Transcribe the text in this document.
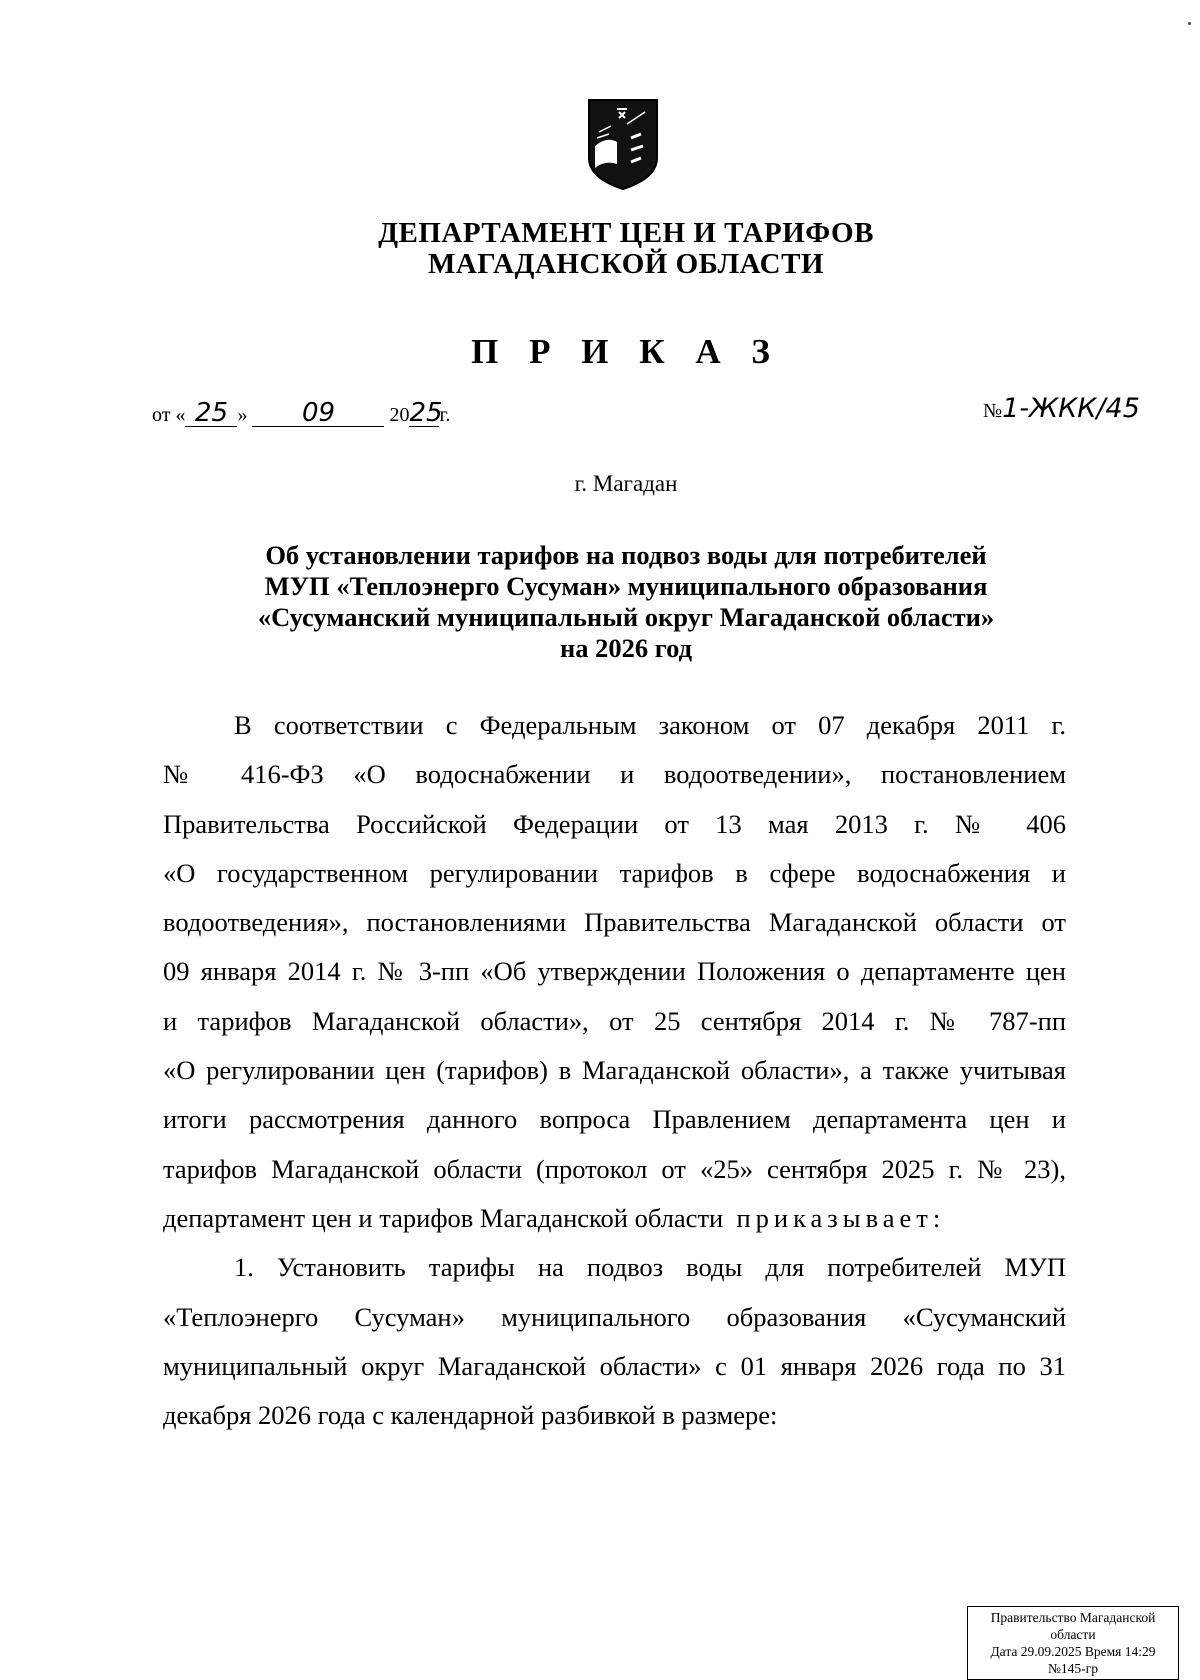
ДЕПАРТАМЕНТ ЦЕН И ТАРИФОВ
МАГАДАНСКОЙ ОБЛАСТИ
П Р И К А З
от « 25 » 09	2025г.	№1-ЖКК/45
г. Магадан
Об установлении тарифов на подвоз воды для потребителей
МУП «Теплоэнерго Сусуман» муниципального образования
«Сусуманский муниципальный округ Магаданской области»
на 2026 год
В соответствии с Федеральным законом от 07 декабря 2011 г.
№ 416-ФЗ «О водоснабжении и водоотведении», постановлением
Правительства Российской Федерации от 13 мая 2013 г. № 406
«О государственном регулировании тарифов в сфере водоснабжения и
водоотведения», постановлениями Правительства Магаданской области от
09 января 2014 г. № 3-пп «Об утверждении Положения о департаменте цен
и тарифов Магаданской области», от 25 сентября 2014 г. № 787-пп
«О регулировании цен (тарифов) в Магаданской области», а также учитывая
итоги рассмотрения данного вопроса Правлением департамента цен и
тарифов Магаданской области (протокол от «25» сентября 2025 г. № 23),
департамент цен и тарифов Магаданской области приказывает:
1. Установить тарифы на подвоз воды для потребителей МУП
«Теплоэнерго Сусуман» муниципального образования «Сусуманский
муниципальный округ Магаданской области» с 01 января 2026 года по 31
декабря 2026 года с календарной разбивкой в размере:
Правительство Магаданской
области
Дата 29.09.2025 Время 14:29
№145-гр
